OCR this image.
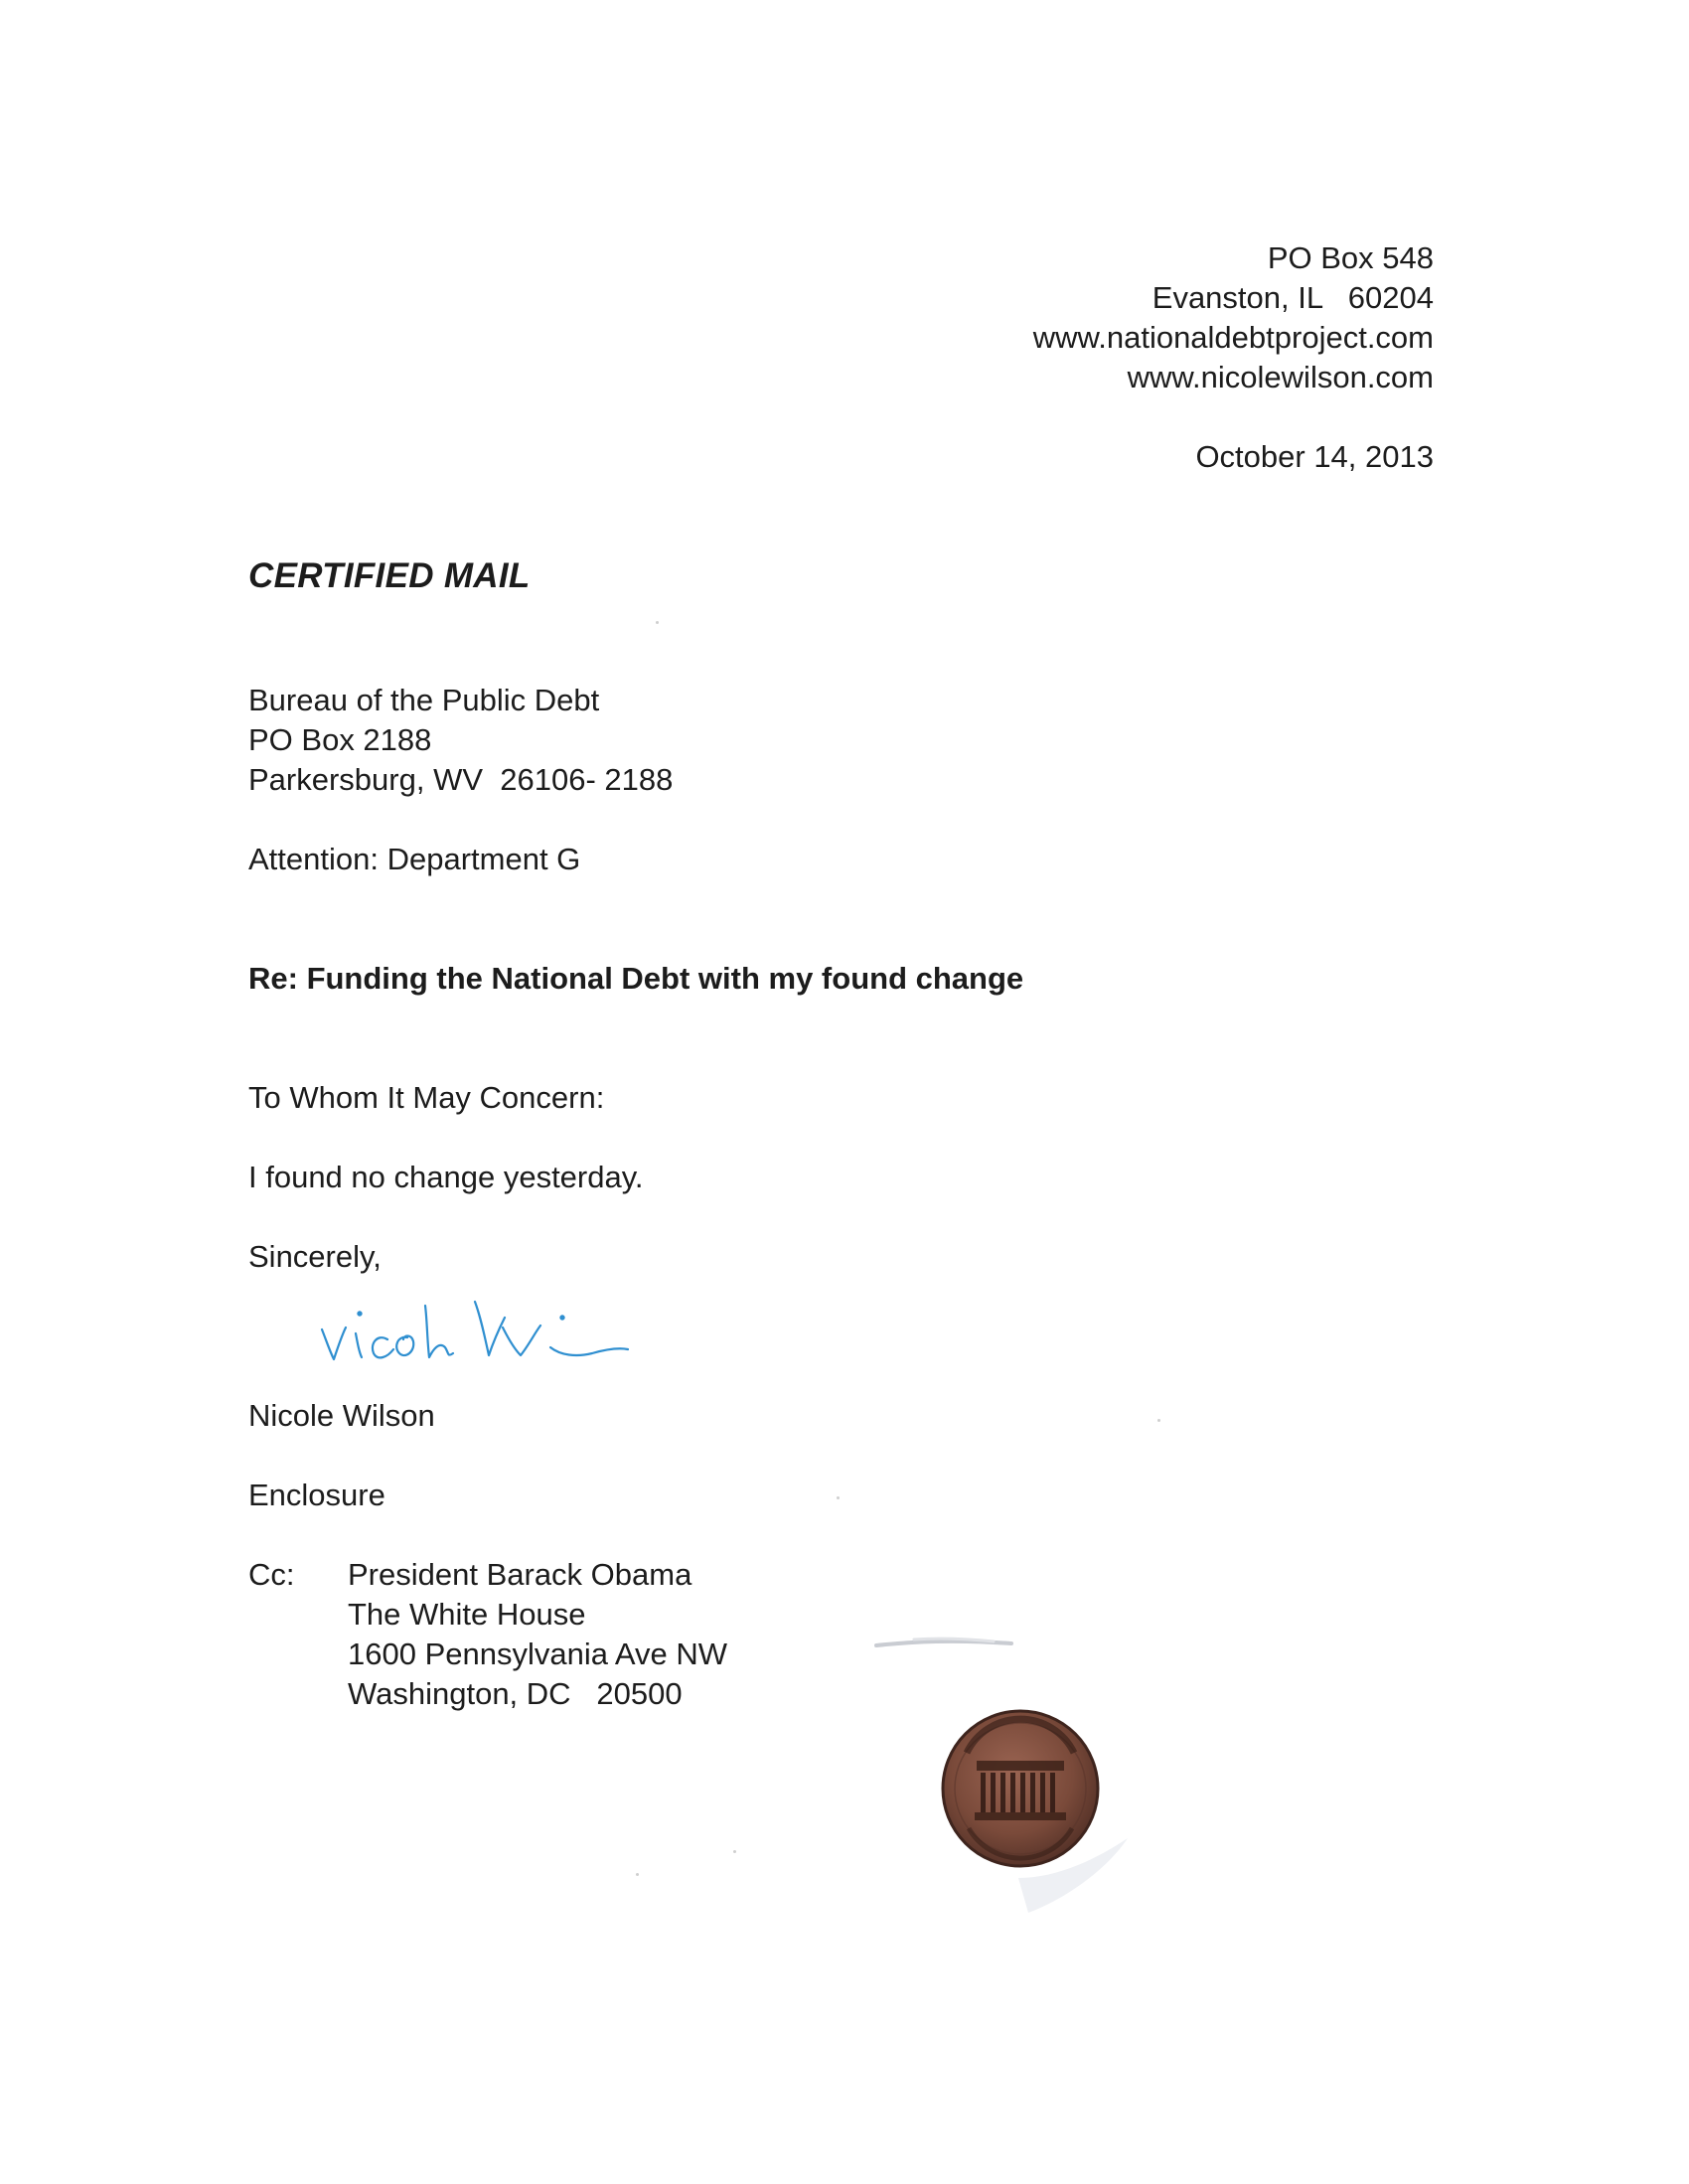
PO Box 548
Evanston, IL   60204
www.nationaldebtproject.com
www.nicolewilson.com
October 14, 2013
CERTIFIED MAIL
Bureau of the Public Debt
PO Box 2188
Parkersburg, WV  26106- 2188
Attention: Department G
Re: Funding the National Debt with my found change
To Whom It May Concern:
I found no change yesterday.
Sincerely,
Nicole Wilson
Enclosure
Cc: President Barack Obama
The White House
1600 Pennsylvania Ave NW
Washington, DC   20500
